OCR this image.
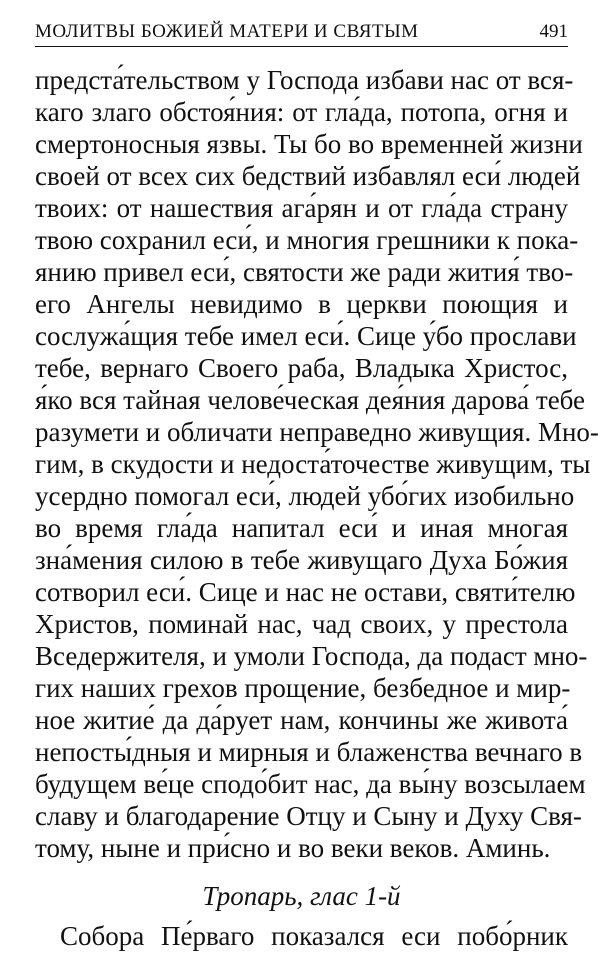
МОЛИТВЫ БОЖИЕЙ МАТЕРИ И СВЯТЫМ	491
предста́тельством у Господа избави нас от вся-
каго злаго обстоя́ния: от гла́да, потопа, огня и
смертоносныя язвы. Ты бо во временней жизни
своей от всех сих бедствий избавлял еси́ людей
твоих: от нашествия ага́рян и от гла́да страну
твою сохранил еси́, и многия грешники к пока-
янию привел еси́, святости же ради жития́ тво-
его Ангелы невидимо в церкви поющия и
сослужа́щия тебе имел еси́. Сице у́бо прослави
тебе, вернаго Своего раба, Владыка Христос,
я́ко вся тайная челове́ческая дея́ния дарова́ тебе
разумети и обличати неправедно живущия. Мно-
гим, в скудости и недоста́точестве живущим, ты
усердно помогал еси́, людей убо́гих изобильно
во время гла́да напитал еси́ и иная многая
зна́мения силою в тебе живущаго Духа Бо́жия
сотворил еси́. Сице и нас не остави, святи́телю
Христов, поминай нас, чад своих, у престола
Вседержителя, и умоли Господа, да подаст мно-
гих наших грехов прощение, безбедное и мир-
ное житие́ да да́рует нам, кончины же живота́
непосты́дныя и мирныя и блаженства вечнаго в
будущем ве́це сподо́бит нас, да вы́ну возсылаем
славу и благодарение Отцу и Сыну и Духу Свя-
тому, ныне и при́сно и во веки веков. Аминь.
Тропарь, глас 1-й
Собора Пе́рваго показался еси побо́рник
